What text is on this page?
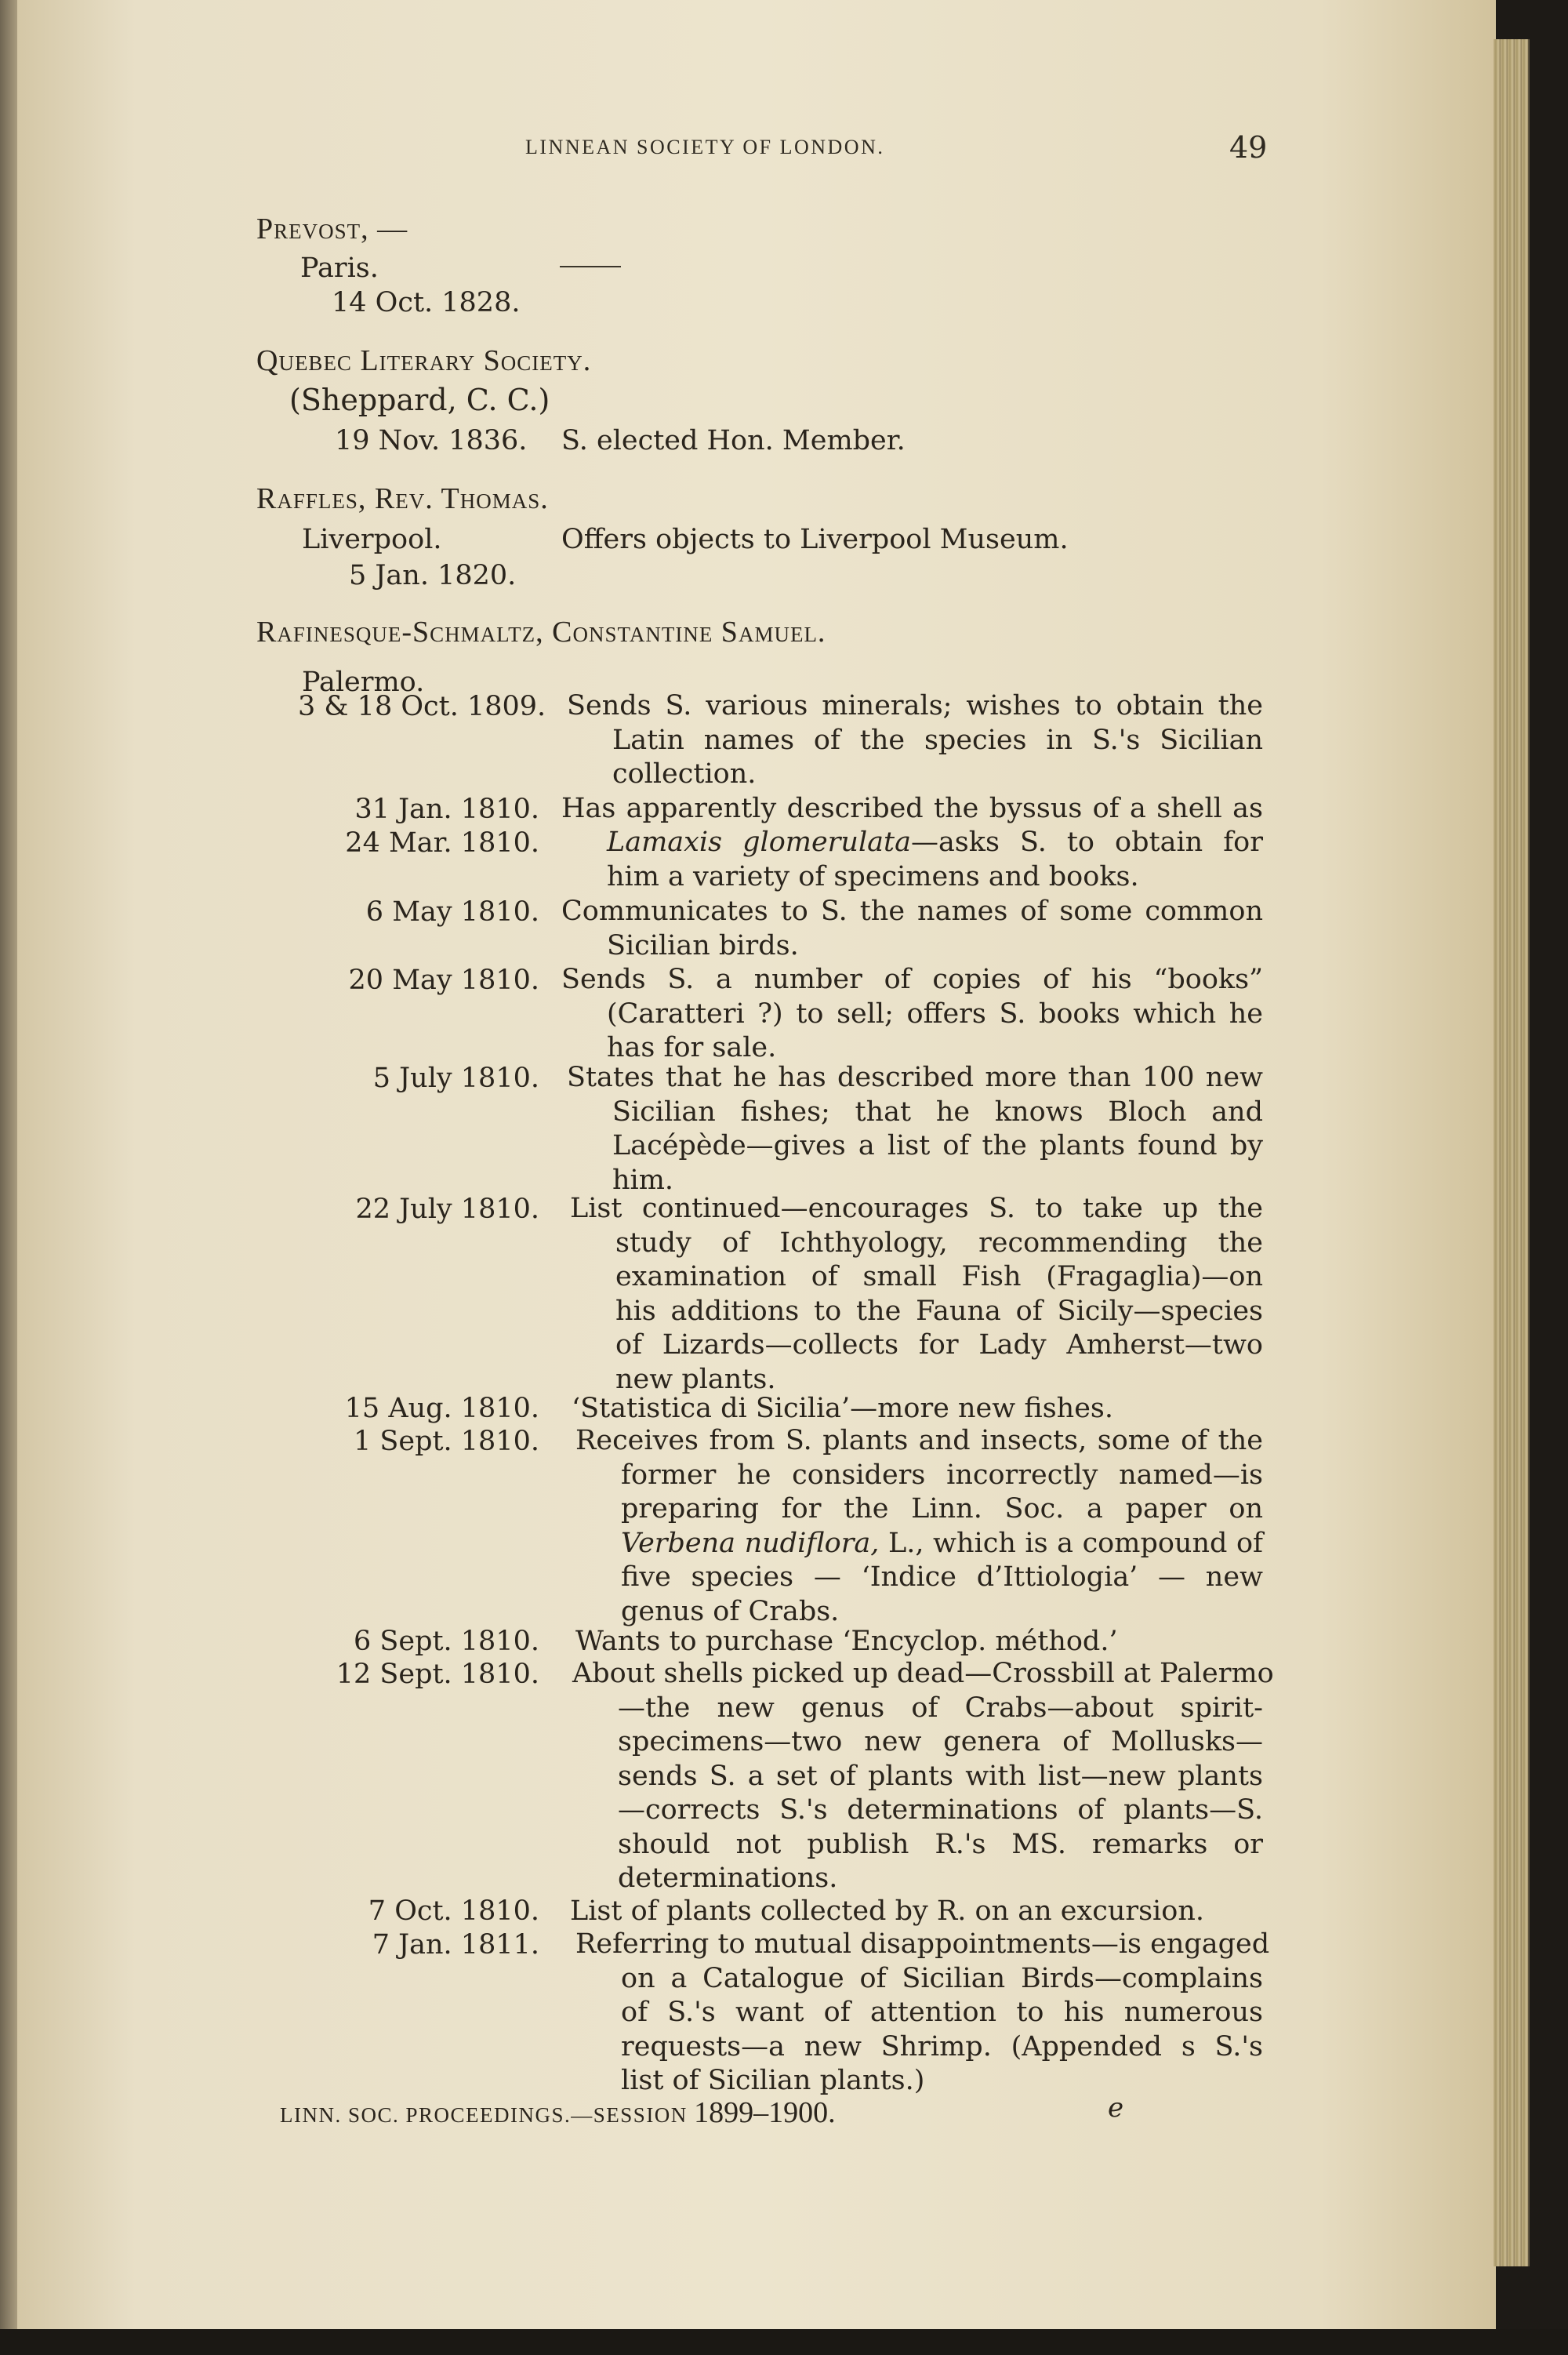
LINNEAN SOCIETY OF LONDON.	49
Prevost, —
Paris.
14 Oct. 1828.
Quebec Literary Society.
(Sheppard, C. C.)
19 Nov. 1836. S. elected Hon. Member.
Raffles, Rev. Thomas.
Liverpool.	Offers objects to Liverpool Museum.
5 Jan. 1820.
Rafinesque-Schmaltz, Constantine Samuel.
Palermo.
3 & 18 Oct. 1809. Sends S. various minerals; wishes to obtain the
Latin names of the species in S.'s Sicilian
collection.
31 Jan. 1810. Has apparently described the byssus of a shell as
24 Mar. 1810. Lamaxis glomerulata—asks S. to obtain for
him a variety of specimens and books.
6 May 1810. Communicates to S. the names of some common
Sicilian birds.
20 May 1810. Sends S. a number of copies of his “books”
(Caratteri ?) to sell; offers S. books which he
has for sale.
5 July 1810. States that he has described more than 100 new
Sicilian fishes; that he knows Bloch and
Lacépède—gives a list of the plants found by
him.
22 July 1810. List continued—encourages S. to take up the
study of Ichthyology, recommending the
examination of small Fish (Fragaglia)—on
his additions to the Fauna of Sicily—species
of Lizards—collects for Lady Amherst—two
new plants.
15 Aug. 1810. ‘Statistica di Sicilia’—more new fishes.
1 Sept. 1810. Receives from S. plants and insects, some of the
former he considers incorrectly named—is
preparing for the Linn. Soc. a paper on
Verbena nudiflora, L., which is a compound of
five species — ‘Indice d’Ittiologia’ — new
genus of Crabs.
6 Sept. 1810. Wants to purchase ‘Encyclop. méthod.’
12 Sept. 1810. About shells picked up dead—Crossbill at Palermo
—the new genus of Crabs—about spirit-
specimens—two new genera of Mollusks—
sends S. a set of plants with list—new plants
—corrects S.'s determinations of plants—S.
should not publish R.'s MS. remarks or
determinations.
7 Oct. 1810. List of plants collected by R. on an excursion.
7 Jan. 1811. Referring to mutual disappointments—is engaged
on a Catalogue of Sicilian Birds—complains
of S.'s want of attention to his numerous
requests—a new Shrimp. (Appended s S.'s
list of Sicilian plants.)
LINN. SOC. PROCEEDINGS.—SESSION 1899–1900.	e
